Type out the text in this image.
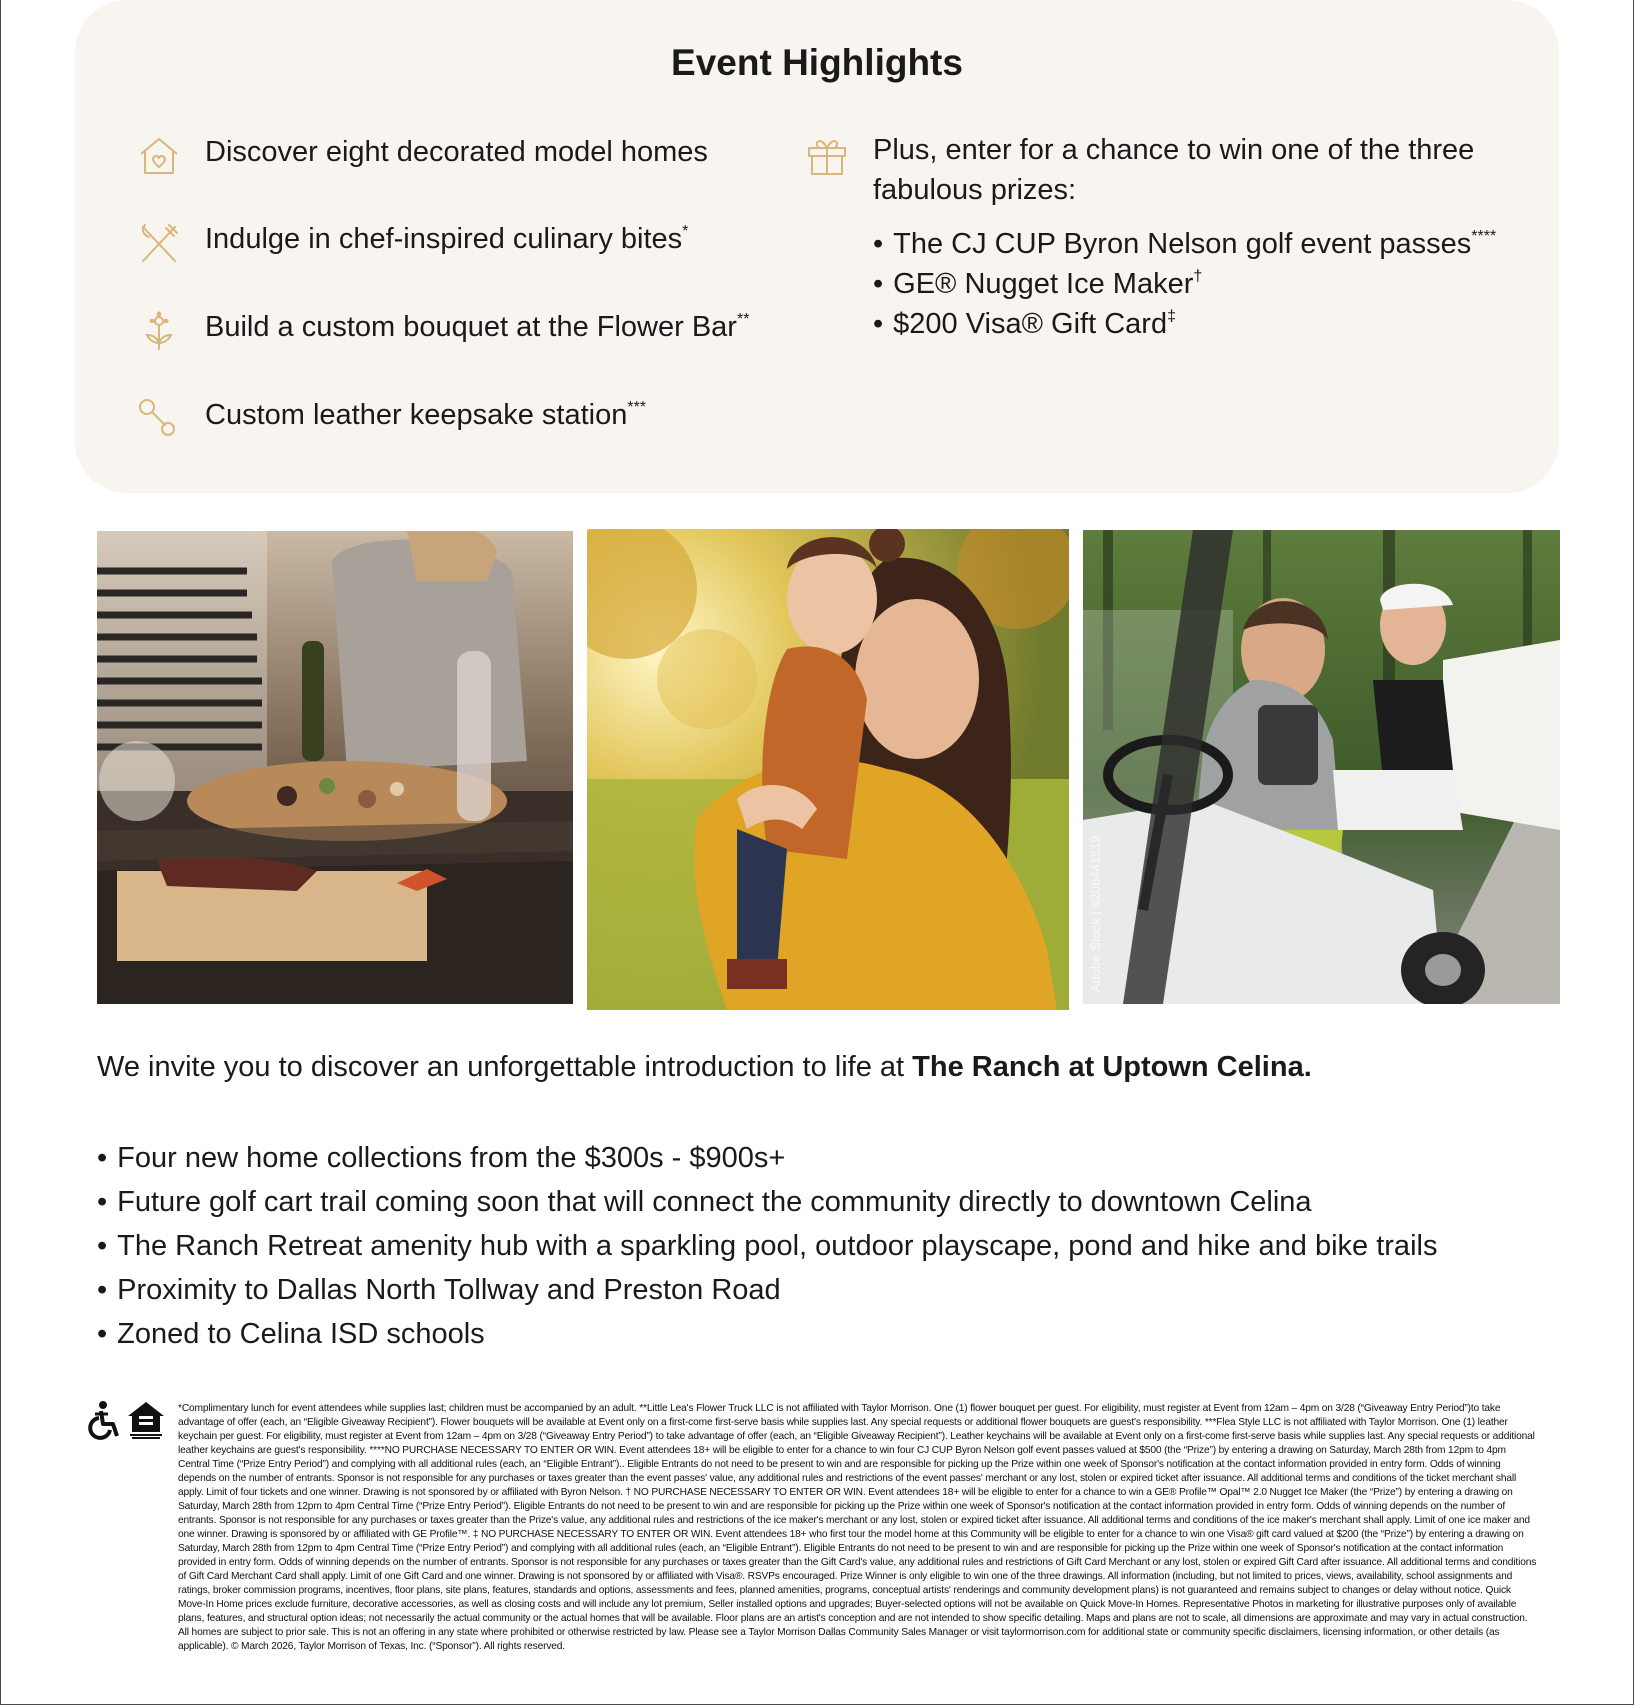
Event Highlights
Discover eight decorated model homes
Indulge in chef-inspired culinary bites*
Build a custom bouquet at the Flower Bar**
Custom leather keepsake station***
Plus, enter for a chance to win one of the three fabulous prizes:
• The CJ CUP Byron Nelson golf event passes****
• GE® Nugget Ice Maker†
• $200 Visa® Gift Card‡
Adobe Stock | #206441519

We invite you to discover an unforgettable introduction to life at The Ranch at Uptown Celina.

• Four new home collections from the $300s - $900s+
• Future golf cart trail coming soon that will connect the community directly to downtown Celina
• The Ranch Retreat amenity hub with a sparkling pool, outdoor playscape, pond and hike and bike trails
• Proximity to Dallas North Tollway and Preston Road
• Zoned to Celina ISD schools

*Complimentary lunch for event attendees while supplies last; children must be accompanied by an adult. **Little Lea's Flower Truck LLC is not affiliated with Taylor Morrison. One (1) flower bouquet per guest. For eligibility, must register at Event from 12am – 4pm on 3/28 (“Giveaway Entry Period”)to take advantage of offer (each, an “Eligible Giveaway Recipient”). Flower bouquets will be available at Event only on a first-come first-serve basis while supplies last. Any special requests or additional flower bouquets are guest's responsibility. ***Flea Style LLC is not affiliated with Taylor Morrison. One (1) leather keychain per guest. For eligibility, must register at Event from 12am – 4pm on 3/28 (“Giveaway Entry Period”) to take advantage of offer (each, an “Eligible Giveaway Recipient”). Leather keychains will be available at Event only on a first-come first-serve basis while supplies last. Any special requests or additional leather keychains are guest's responsibility. ****NO PURCHASE NECESSARY TO ENTER OR WIN. Event attendees 18+ will be eligible to enter for a chance to win four CJ CUP Byron Nelson golf event passes valued at $500 (the “Prize”) by entering a drawing on Saturday, March 28th from 12pm to 4pm Central Time (“Prize Entry Period”) and complying with all additional rules (each, an “Eligible Entrant”).. Eligible Entrants do not need to be present to win and are responsible for picking up the Prize within one week of Sponsor's notification at the contact information provided in entry form. Odds of winning depends on the number of entrants. Sponsor is not responsible for any purchases or taxes greater than the event passes' value, any additional rules and restrictions of the event passes' merchant or any lost, stolen or expired ticket after issuance. All additional terms and conditions of the ticket merchant shall apply. Limit of four tickets and one winner. Drawing is not sponsored by or affiliated with Byron Nelson. † NO PURCHASE NECESSARY TO ENTER OR WIN. Event attendees 18+ will be eligible to enter for a chance to win a GE® Profile™ Opal™ 2.0 Nugget Ice Maker (the “Prize”) by entering a drawing on Saturday, March 28th from 12pm to 4pm Central Time (“Prize Entry Period”). Eligible Entrants do not need to be present to win and are responsible for picking up the Prize within one week of Sponsor's notification at the contact information provided in entry form. Odds of winning depends on the number of entrants. Sponsor is not responsible for any purchases or taxes greater than the Prize's value, any additional rules and restrictions of the ice maker's merchant or any lost, stolen or expired ticket after issuance. All additional terms and conditions of the ice maker's merchant shall apply. Limit of one ice maker and one winner. Drawing is sponsored by or affiliated with GE Profile™. ‡ NO PURCHASE NECESSARY TO ENTER OR WIN. Event attendees 18+ who first tour the model home at this Community will be eligible to enter for a chance to win one Visa® gift card valued at $200 (the “Prize”) by entering a drawing on Saturday, March 28th from 12pm to 4pm Central Time (“Prize Entry Period”) and complying with all additional rules (each, an “Eligible Entrant”). Eligible Entrants do not need to be present to win and are responsible for picking up the Prize within one week of Sponsor's notification at the contact information provided in entry form. Odds of winning depends on the number of entrants. Sponsor is not responsible for any purchases or taxes greater than the Gift Card's value, any additional rules and restrictions of Gift Card Merchant or any lost, stolen or expired Gift Card after issuance. All additional terms and conditions of Gift Card Merchant Card shall apply. Limit of one Gift Card and one winner. Drawing is not sponsored by or affiliated with Visa®. RSVPs encouraged. Prize Winner is only eligible to win one of the three drawings. All information (including, but not limited to prices, views, availability, school assignments and ratings, broker commission programs, incentives, floor plans, site plans, features, standards and options, assessments and fees, planned amenities, programs, conceptual artists' renderings and community development plans) is not guaranteed and remains subject to changes or delay without notice. Quick Move-In Home prices exclude furniture, decorative accessories, as well as closing costs and will include any lot premium, Seller installed options and upgrades; Buyer-selected options will not be available on Quick Move-In Homes. Representative Photos in marketing for illustrative purposes only of available plans, features, and structural option ideas; not necessarily the actual community or the actual homes that will be available. Floor plans are an artist's conception and are not intended to show specific detailing. Maps and plans are not to scale, all dimensions are approximate and may vary in actual construction. All homes are subject to prior sale. This is not an offering in any state where prohibited or otherwise restricted by law. Please see a Taylor Morrison Dallas Community Sales Manager or visit taylormorrison.com for additional state or community specific disclaimers, licensing information, or other details (as applicable). © March 2026, Taylor Morrison of Texas, Inc. (“Sponsor”). All rights reserved.
